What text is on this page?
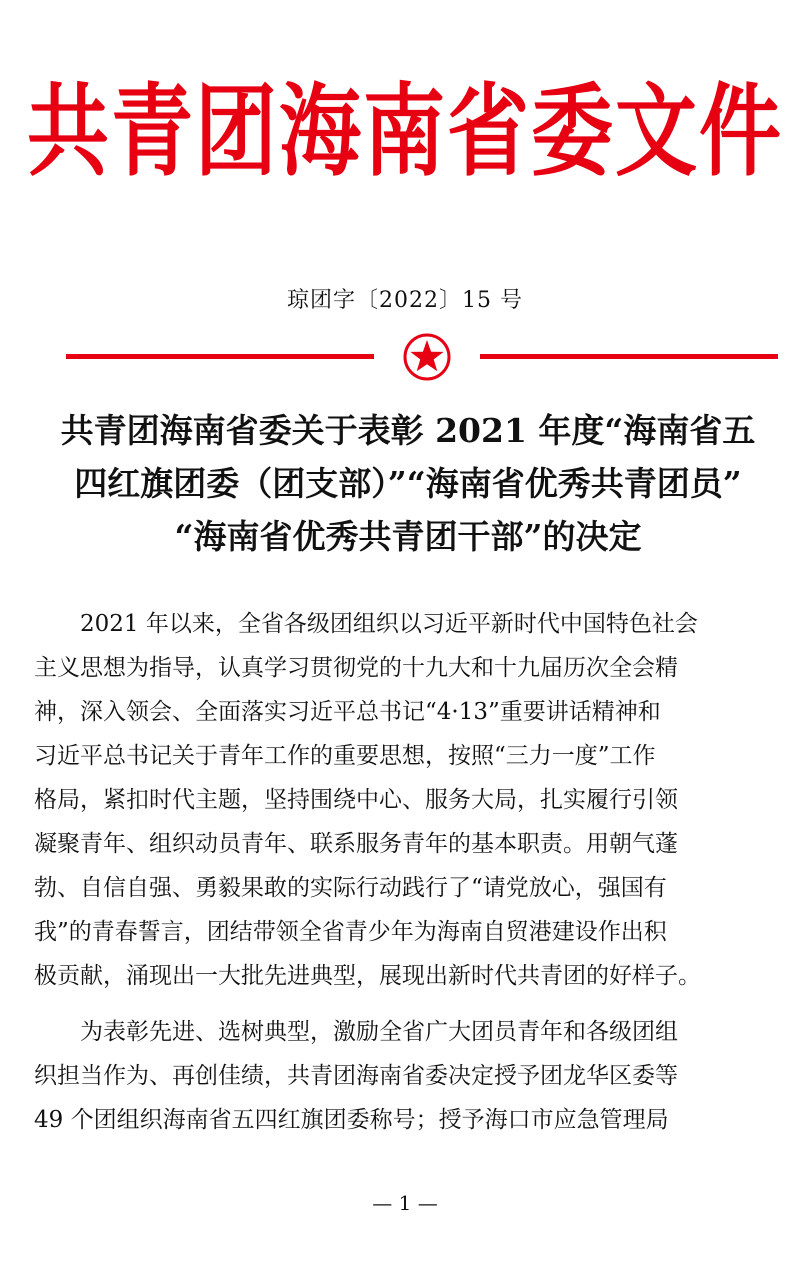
共青团海南省委文件
琼团字〔2022〕15 号
共青团海南省委关于表彰 2021 年度“海南省五
四红旗团委（团支部）”“海南省优秀共青团员”
“海南省优秀共青团干部”的决定
2021 年以来，全省各级团组织以习近平新时代中国特色社会
主义思想为指导，认真学习贯彻党的十九大和十九届历次全会精
神，深入领会、全面落实习近平总书记“4·13”重要讲话精神和
习近平总书记关于青年工作的重要思想，按照“三力一度”工作
格局，紧扣时代主题，坚持围绕中心、服务大局，扎实履行引领
凝聚青年、组织动员青年、联系服务青年的基本职责。用朝气蓬
勃、自信自强、勇毅果敢的实际行动践行了“请党放心，强国有
我”的青春誓言，团结带领全省青少年为海南自贸港建设作出积
极贡献，涌现出一大批先进典型，展现出新时代共青团的好样子。
为表彰先进、选树典型，激励全省广大团员青年和各级团组
织担当作为、再创佳绩，共青团海南省委决定授予团龙华区委等
49 个团组织海南省五四红旗团委称号；授予海口市应急管理局
— 1 —
